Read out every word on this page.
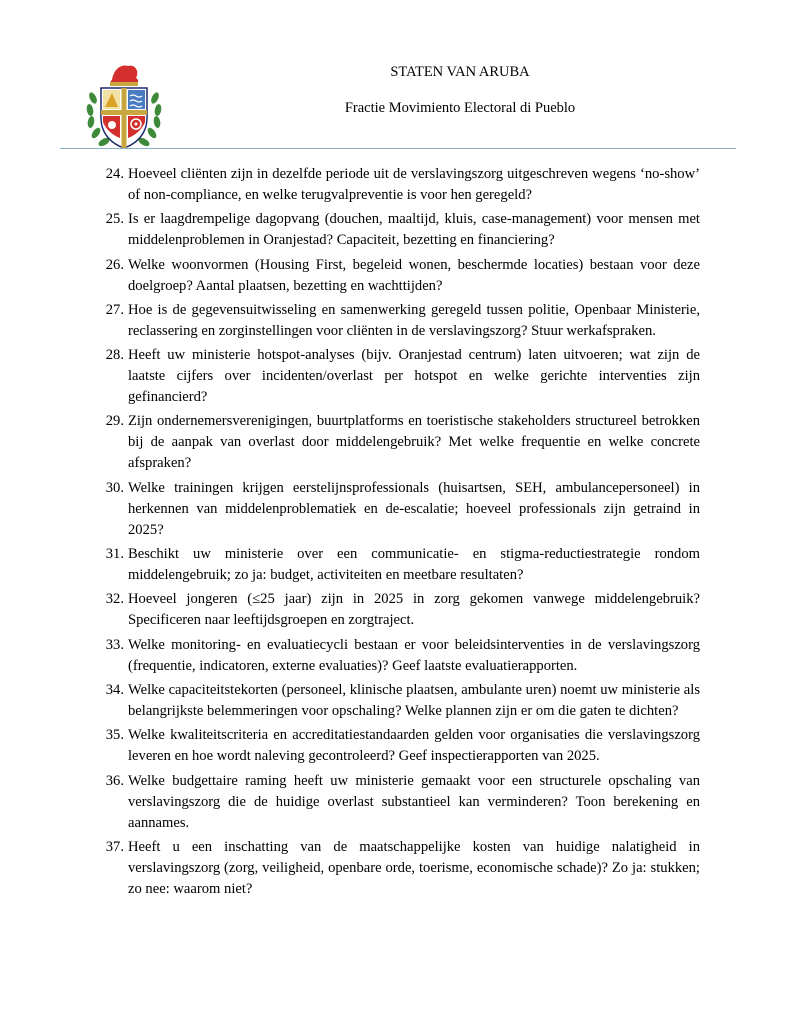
STATEN VAN ARUBA
Fractie Movimiento Electoral di Pueblo
24 . Hoeveel cliënten zijn in dezelfde periode uit de verslavingszorg uitgeschreven wegens ‘no-show’ of non-compliance, en welke terugvalpreventie is voor hen geregeld?
25 . Is er laagdrempelige dagopvang (douchen, maaltijd, kluis, case-management) voor mensen met middelenproblemen in Oranjestad? Capaciteit, bezetting en financiering?
26 . Welke woonvormen (Housing First, begeleid wonen, beschermde locaties) bestaan voor deze doelgroep? Aantal plaatsen, bezetting en wachttijden?
27 . Hoe is de gegevensuitwisseling en samenwerking geregeld tussen politie, Openbaar Ministerie, reclassering en zorginstellingen voor cliënten in de verslavingszorg? Stuur werkafspraken.
28 . Heeft uw ministerie hotspot-analyses (bijv. Oranjestad centrum) laten uitvoeren; wat zijn de laatste cijfers over incidenten/overlast per hotspot en welke gerichte interventies zijn gefinancierd?
29 . Zijn ondernemersverenigingen, buurtplatforms en toeristische stakeholders structureel betrokken bij de aanpak van overlast door middelengebruik? Met welke frequentie en welke concrete afspraken?
30 . Welke trainingen krijgen eerstelijnsprofessionals (huisartsen, SEH, ambulancepersoneel) in herkennen van middelenproblematiek en de-escalatie; hoeveel professionals zijn getraind in 2025?
31 . Beschikt uw ministerie over een communicatie- en stigma-reductiestrategie rondom middelengebruik; zo ja: budget, activiteiten en meetbare resultaten?
32 . Hoeveel jongeren (≤25 jaar) zijn in 2025 in zorg gekomen vanwege middelengebruik? Specificeren naar leeftijdsgroepen en zorgtraject.
33 . Welke monitoring- en evaluatiecycli bestaan er voor beleidsinterventies in de verslavingszorg (frequentie, indicatoren, externe evaluaties)? Geef laatste evaluatierapporten.
34 . Welke capaciteitstekorten (personeel, klinische plaatsen, ambulante uren) noemt uw ministerie als belangrijkste belemmeringen voor opschaling? Welke plannen zijn er om die gaten te dichten?
35 . Welke kwaliteitscriteria en accreditatiestandaarden gelden voor organisaties die verslavingszorg leveren en hoe wordt naleving gecontroleerd? Geef inspectierapporten van 2025.
36 . Welke budgettaire raming heeft uw ministerie gemaakt voor een structurele opschaling van verslavingszorg die de huidige overlast substantieel kan verminderen? Toon berekening en aannames.
37 . Heeft u een inschatting van de maatschappelijke kosten van huidige nalatigheid in verslavingszorg (zorg, veiligheid, openbare orde, toerisme, economische schade)? Zo ja: stukken; zo nee: waarom niet?
